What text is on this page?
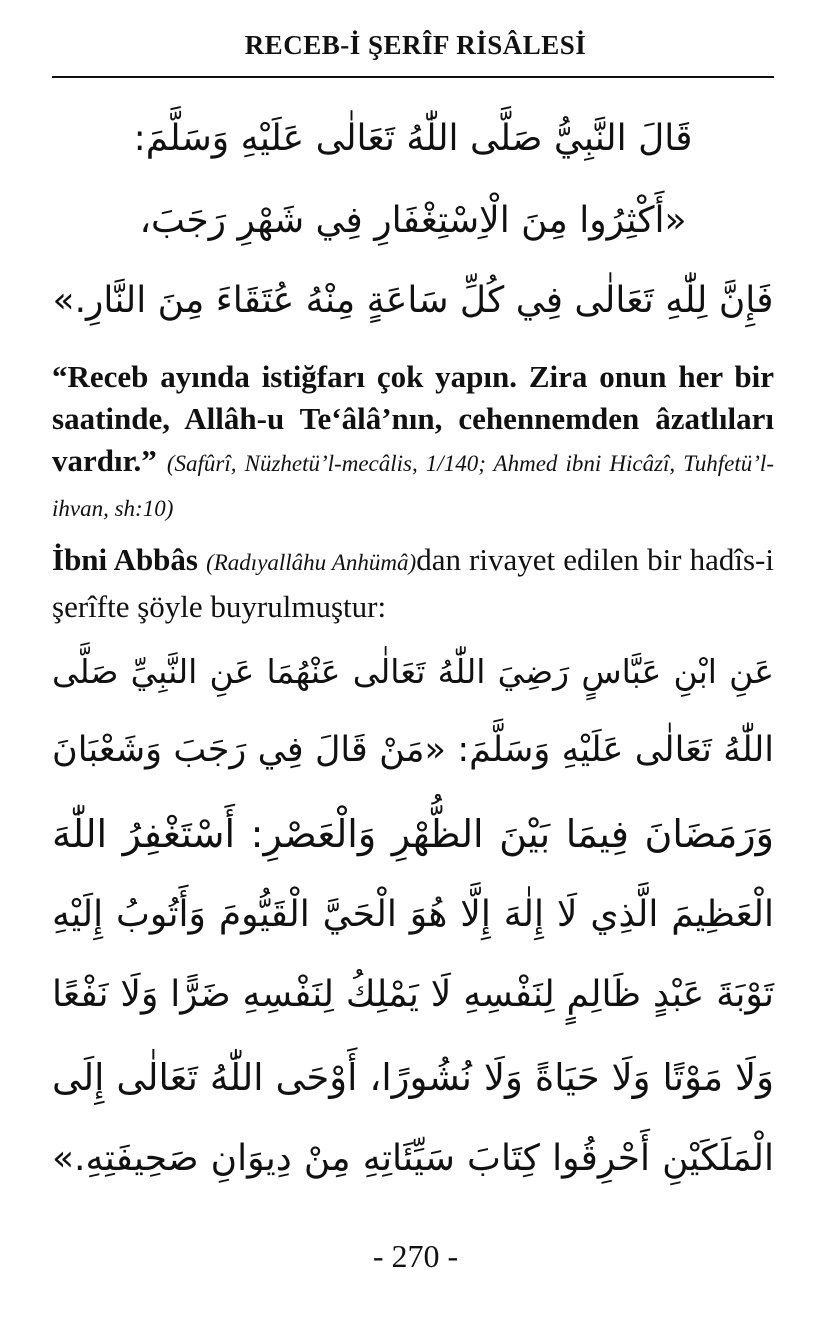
RECEB-İ ŞERÎF RİSÂLESİ
قَالَ النَّبِيُّ صَلَّى اللّٰهُ تَعَالٰى عَلَيْهِ وَسَلَّمَ:
«أَكْثِرُوا مِنَ الْاِسْتِغْفَارِ فِي شَهْرِ رَجَبَ،
فَإِنَّ لِلّٰهِ تَعَالٰى فِي كُلِّ سَاعَةٍ مِنْهُ عُتَقَاءَ مِنَ النَّارِ.»
“Receb ayında istiğfarı çok yapın. Zira onun her bir saatinde, Allâh-u Te‘âlâ’nın, cehennemden âzatlıları vardır.” (Safûrî, Nüzhetü’l-mecâlis, 1/140; Ahmed ibni Hicâzî, Tuhfetü’l-ihvan, sh:10)
İbni Abbâs (Radıyallâhu Anhümâ)dan rivayet edilen bir hadîs-i şerîfte şöyle buyrulmuştur:
عَنِ ابْنِ عَبَّاسٍ رَضِيَ اللّٰهُ تَعَالٰى عَنْهُمَا عَنِ النَّبِيِّ صَلَّى
اللّٰهُ تَعَالٰى عَلَيْهِ وَسَلَّمَ: «مَنْ قَالَ فِي رَجَبَ وَشَعْبَانَ
وَرَمَضَانَ فِيمَا بَيْنَ الظُّهْرِ وَالْعَصْرِ: أَسْتَغْفِرُ اللّٰهَ
الْعَظِيمَ الَّذِي لَا إِلٰهَ إِلَّا هُوَ الْحَيَّ الْقَيُّومَ وَأَتُوبُ إِلَيْهِ
تَوْبَةَ عَبْدٍ ظَالِمٍ لِنَفْسِهِ لَا يَمْلِكُ لِنَفْسِهِ ضَرًّا وَلَا نَفْعًا
وَلَا مَوْتًا وَلَا حَيَاةً وَلَا نُشُورًا، أَوْحَى اللّٰهُ تَعَالٰى إِلَى
الْمَلَكَيْنِ أَحْرِقُوا كِتَابَ سَيِّئَاتِهِ مِنْ دِيوَانِ صَحِيفَتِهِ.»
- 270 -
